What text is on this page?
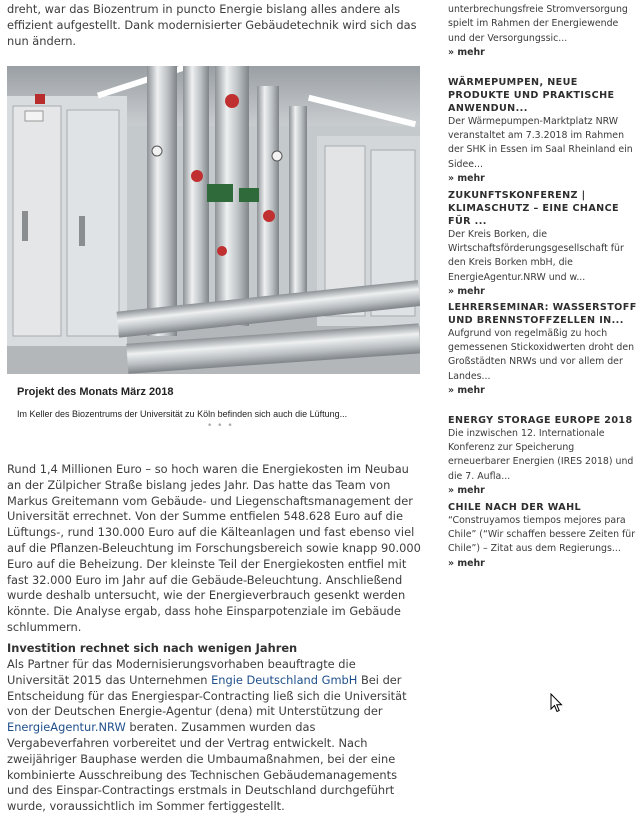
dreht, war das Biozentrum in puncto Energie bislang alles andere als effizient aufgestellt. Dank modernisierter Gebäudetechnik wird sich das nun ändern.

Projekt des Monats März 2018
Im Keller des Biozentrums der Universität zu Köln befinden sich auch die Lüftung...
• • •

Rund 1,4 Millionen Euro – so hoch waren die Energiekosten im Neubau an der Zülpicher Straße bislang jedes Jahr. Das hatte das Team von Markus Greitemann vom Gebäude- und Liegenschaftsmanagement der Universität errechnet. Von der Summe entfielen 548.628 Euro auf die Lüftungs-, rund 130.000 Euro auf die Kälteanlagen und fast ebenso viel auf die Pflanzen-Beleuchtung im Forschungsbereich sowie knapp 90.000 Euro auf die Beheizung. Der kleinste Teil der Energiekosten entfiel mit fast 32.000 Euro im Jahr auf die Gebäude-Beleuchtung. Anschließend wurde deshalb untersucht, wie der Energieverbrauch gesenkt werden könnte. Die Analyse ergab, dass hohe Einsparpotenziale im Gebäude schlummern.

Investition rechnet sich nach wenigen Jahren

Als Partner für das Modernisierungsvorhaben beauftragte die Universität 2015 das Unternehmen Engie Deutschland GmbH Bei der Entscheidung für das Energiespar-Contracting ließ sich die Universität von der Deutschen Energie-Agentur (dena) mit Unterstützung der EnergieAgentur.NRW beraten. Zusammen wurden das Vergabeverfahren vorbereitet und der Vertrag entwickelt. Nach zweijähriger Bauphase werden die Umbaumaßnahmen, bei der eine kombinierte Ausschreibung des Technischen Gebäudemanagements und des Einspar-Contractings erstmals in Deutschland durchgeführt wurde, voraussichtlich im Sommer fertiggestellt.

unterbrechungsfreie Stromversorgung spielt im Rahmen der Energiewende und der Versorgungssic...

» mehr

WÄRMEPUMPEN, NEUE PRODUKTE UND PRAKTISCHE ANWENDUN...

Der Wärmepumpen-Marktplatz NRW veranstaltet am 7.3.2018 im Rahmen der SHK in Essen im Saal Rheinland ein Sidee...

» mehr

ZUKUNFTSKONFERENZ | KLIMASCHUTZ – EINE CHANCE FÜR ...

Der Kreis Borken, die Wirtschaftsförderungsgesellschaft für den Kreis Borken mbH, die EnergieAgentur.NRW und w...

» mehr

LEHRERSEMINAR: WASSERSTOFF UND BRENNSTOFFZELLEN IN...

Aufgrund von regelmäßig zu hoch gemessenen Stickoxidwerten droht den Großstädten NRWs und vor allem der Landes...

» mehr

ENERGY STORAGE EUROPE 2018

Die inzwischen 12. Internationale Konferenz zur Speicherung erneuerbarer Energien (IRES 2018) und die 7. Aufla...

» mehr

CHILE NACH DER WAHL

“Construyamos tiempos mejores para Chile” (“Wir schaffen bessere Zeiten für Chile”) – Zitat aus dem Regierungs...

» mehr
